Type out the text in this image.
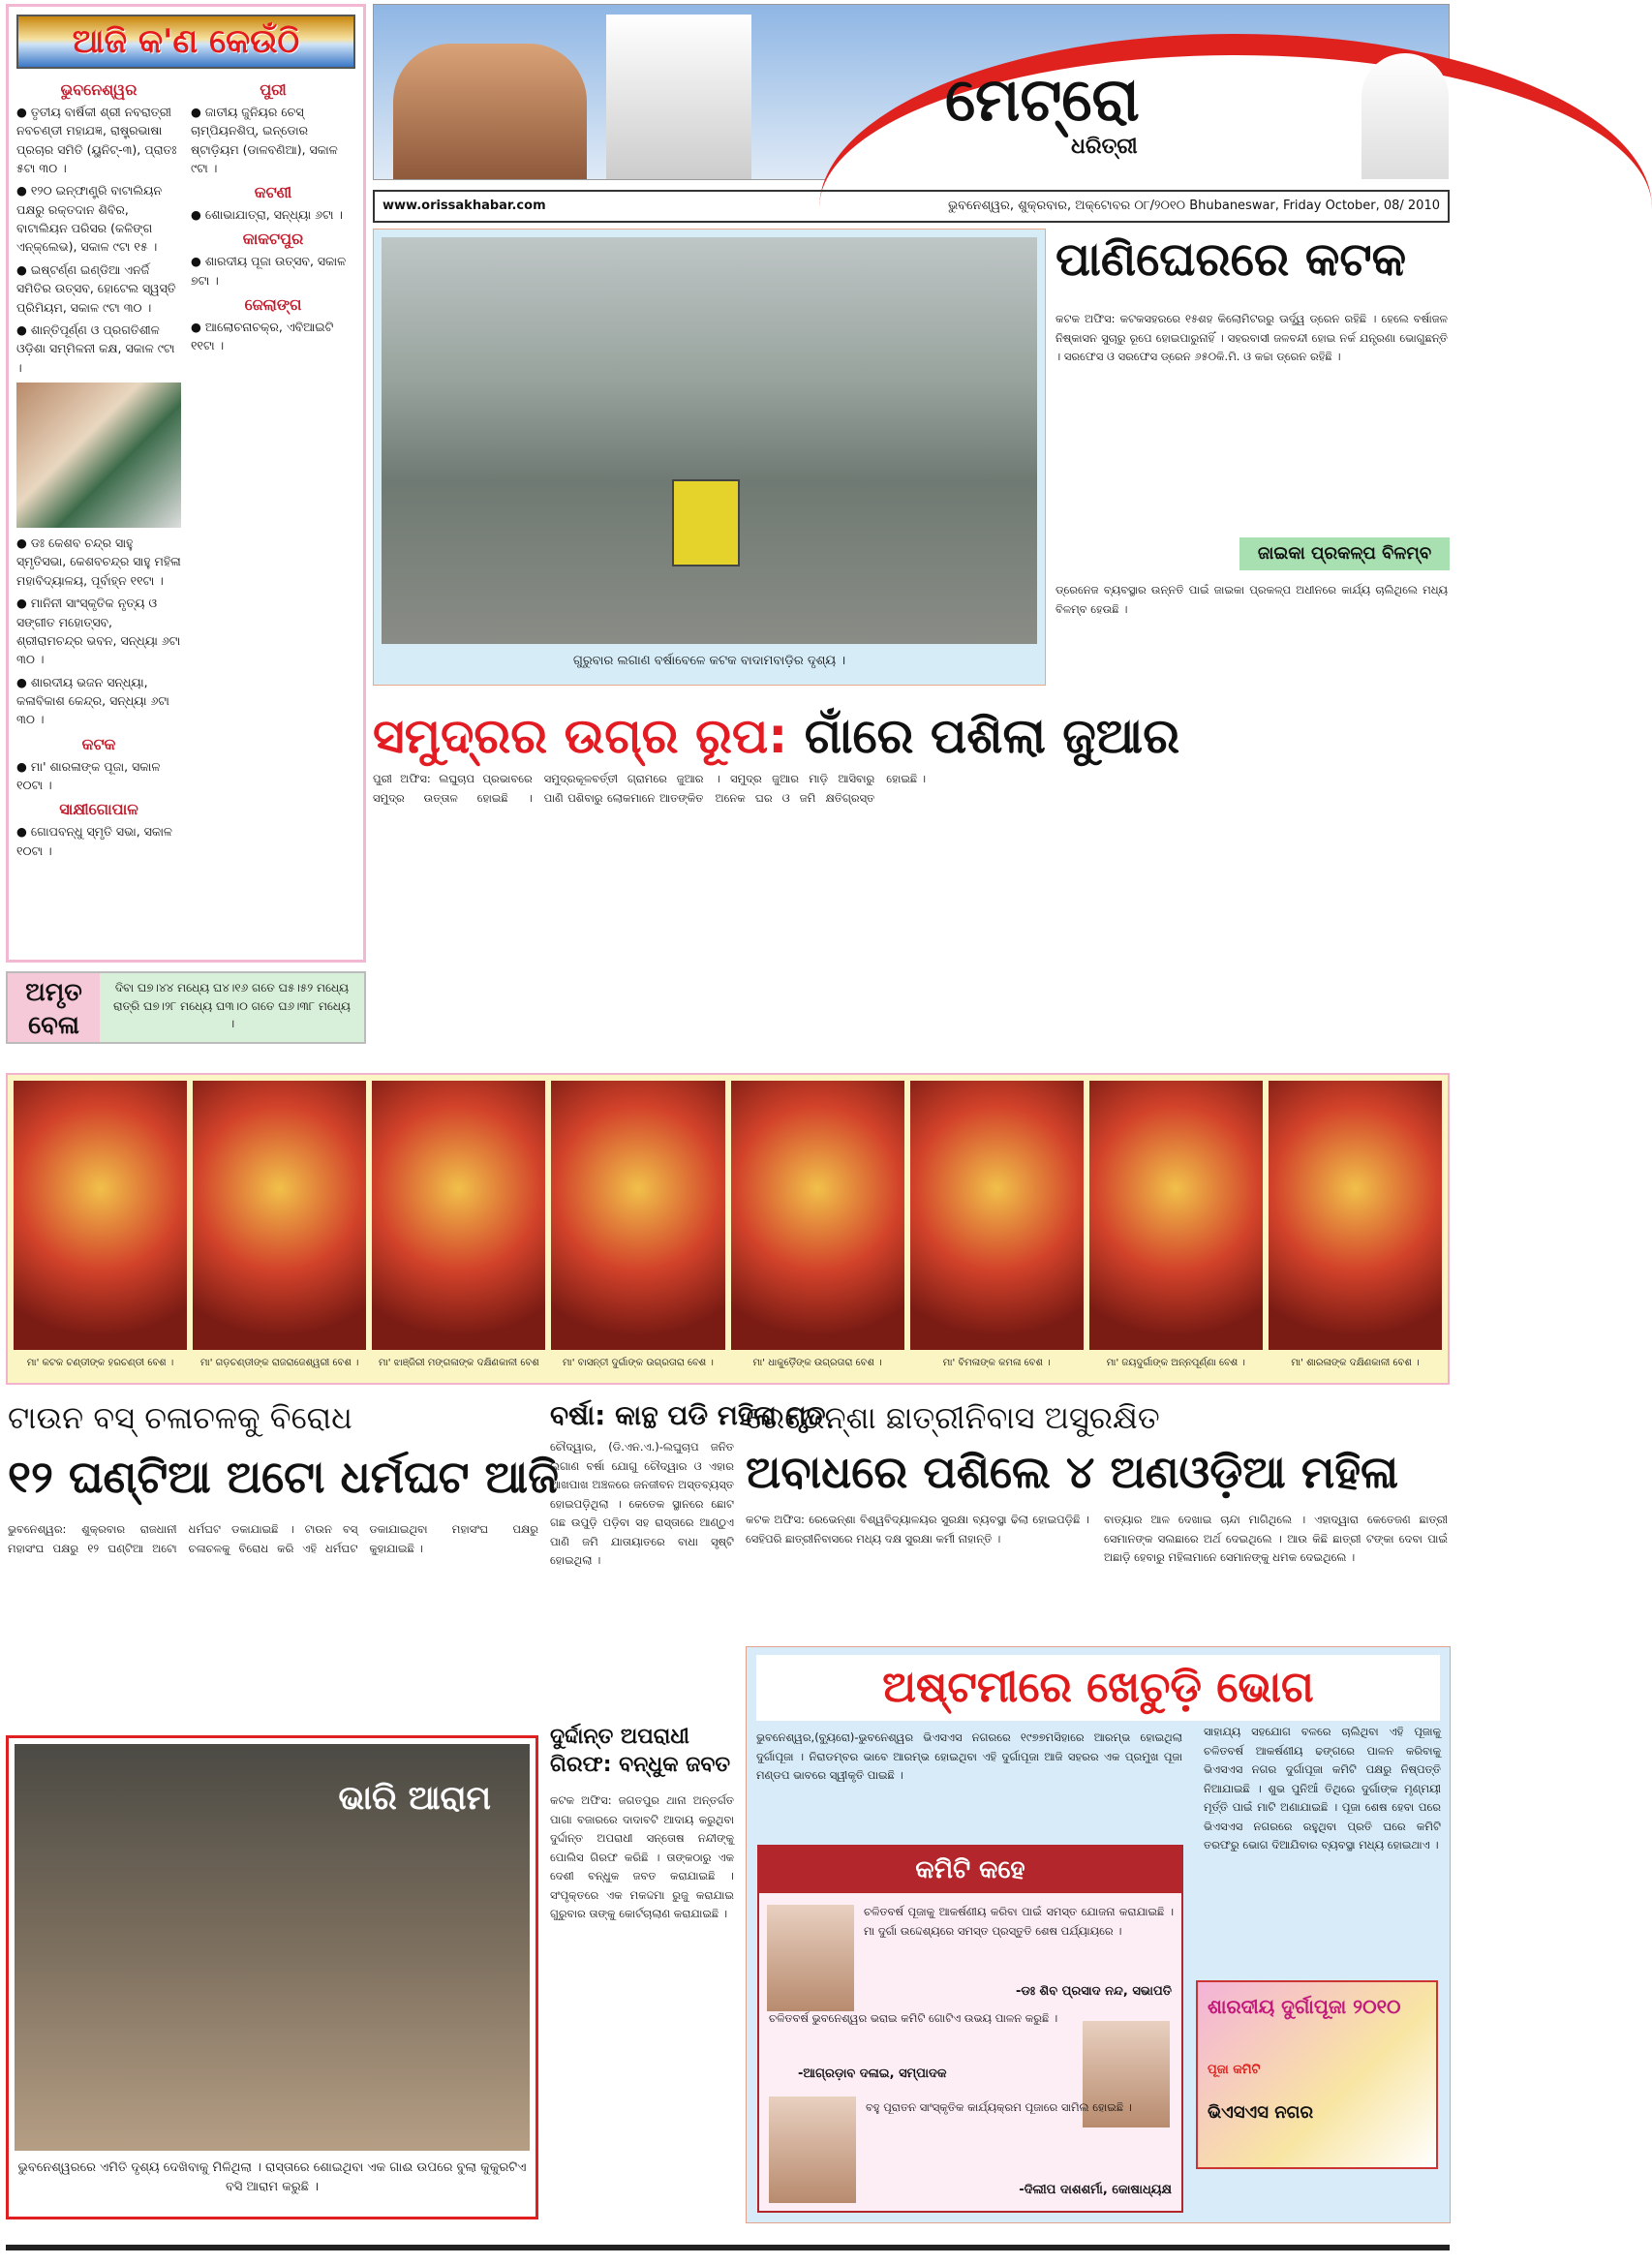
ଆଜି କ'ଣ କେଉଁଠି
ଭୁବନେଶ୍ୱର
● ତୃତୀୟ ବାର୍ଷିକୀ ଶ୍ରୀ ନବରାତ୍ରୀ ନବଚଣ୍ଡୀ ମହାଯଜ୍ଞ, ରାଷ୍ଟ୍ରଭାଷା ପ୍ରଚାର ସମିତି (ୟୁନିଟ୍-୩), ପ୍ରାତଃ ୫ଟା ୩୦ ।
● ୧୨୦ ଇନ୍‌ଫାଣ୍ଟ୍ରି ବାଟାଲିୟନ ପକ୍ଷରୁ ରକ୍ତଦାନ ଶିବିର, ବାଟାଲିୟନ ପରିସର (କଳିଙ୍ଗ ଏନ୍‌କ୍ଲେଭ), ସକାଳ ୯ଟା ୧୫ ।
● ଇଷ୍ଟର୍ଣ୍ଣ ଇଣ୍ଡିଆ ଏନର୍ଜି ସମିତିର ଉତ୍ସବ, ହୋଟେଲ ସ୍ୱସ୍ତି ପ୍ରିମିୟମ, ସକାଳ ୯ଟା ୩୦ ।
● ଶାନ୍ତିପୂର୍ଣ୍ଣ ଓ ପ୍ରଗତିଶୀଳ ଓଡ଼ିଶା ସମ୍ମିଳନୀ କକ୍ଷ, ସକାଳ ୯ଟା ।
● ଡଃ କେଶବ ଚନ୍ଦ୍ର ସାହୁ ସ୍ମୃତିସଭା, କେଶବଚନ୍ଦ୍ର ସାହୁ ମହିଳା ମହାବିଦ୍ୟାଳୟ, ପୂର୍ବାହ୍ନ ୧୧ଟା ।
● ମାନିନୀ ସାଂସ୍କୃତିକ ନୃତ୍ୟ ଓ ସଙ୍ଗୀତ ମହୋତ୍ସବ, ଶ୍ରୀରାମଚନ୍ଦ୍ର ଭବନ, ସନ୍ଧ୍ୟା ୬ଟା ୩୦ ।
● ଶାରଦୀୟ ଭଜନ ସନ୍ଧ୍ୟା, କଳାବିକାଶ କେନ୍ଦ୍ର, ସନ୍ଧ୍ୟା ୬ଟା ୩୦ ।
କଟକ
● ମା' ଶାରଳାଙ୍କ ପୂଜା, ସକାଳ ୧୦ଟା ।
ସାକ୍ଷୀଗୋପାଳ
● ଗୋପବନ୍ଧୁ ସ୍ମୃତି ସଭା, ସକାଳ ୧୦ଟା ।
ପୁରୀ
● ଜାତୀୟ ଜୁନିୟର ଚେସ୍ ଚାମ୍ପିୟନଶିପ୍, ଇନ୍‌ଡୋର ଷ୍ଟାଡ଼ିୟମ (ଡାଳବଣିଆ), ସକାଳ ୯ଟା ।
କଟଣୀ
● ଶୋଭାଯାତ୍ରା, ସନ୍ଧ୍ୟା ୬ଟା ।
କାକଟପୁର
● ଶାରଦୀୟ ପୂଜା ଉତ୍ସବ, ସକାଳ ୭ଟା ।
ଜେଲାଙ୍ଗ
● ଆଲୋଚନାଚକ୍ର, ଏବିଆଇଟି ୧୧ଟା ।
ଅମୃତ ବେଳା
ଦିବା ଘ୭।୪୪ ମଧ୍ୟେ ଘ୪।୧୬ ଗତେ ଘ୫।୫୨ ମଧ୍ୟେ ରାତ୍ରି ଘ୭।୨୮ ମଧ୍ୟେ ଘ୩।୦ ଗତେ ଘ୬।୩୮ ମଧ୍ୟେ ।
ମେଟ୍ରୋ
ଧରିତ୍ରୀ
www.orissakhabar.com	ଭୁବନେଶ୍ୱର, ଶୁକ୍ରବାର, ଅକ୍ଟୋବର ୦୮/୨୦୧୦ Bhubaneswar, Friday October, 08/ 2010
ଗୁରୁବାର ଲଗାଣ ବର୍ଷାବେଳେ କଟକ ବାଦାମବାଡ଼ିର ଦୃଶ୍ୟ ।
ପାଣିଘେରରେ କଟକ
କଟକ ଅଫିସ: କଟକସହରରେ ୧୫ଶହ କିଲୋମିଟରରୁ ଊର୍ଦ୍ଧ୍ୱ ଡ୍ରେନ ରହିଛି । ହେଲେ ବର୍ଷାଜଳ ନିଷ୍କାସନ ସୁଚାରୁ ରୂପେ ହୋଇପାରୁନାହିଁ । ସହରବାସୀ ଜଳବନ୍ଦୀ ହୋଇ ନର୍କ ଯନ୍ତ୍ରଣା ଭୋଗୁଛନ୍ତି । ସରଫେସ ଓ ସରଫେସ ଡ୍ରେନ ୬୫୦କି.ମି. ଓ କଚ୍ଚା ଡ୍ରେନ ରହିଛି ।
ଜାଇକା ପ୍ରକଳ୍ପ ବିଳମ୍ବ
ଡ୍ରେନେଜ ବ୍ୟବସ୍ଥାର ଉନ୍ନତି ପାଇଁ ଜାଇକା ପ୍ରକଳ୍ପ ଅଧୀନରେ କାର୍ଯ୍ୟ ଚାଲିଥିଲେ ମଧ୍ୟ ବିଳମ୍ବ ହେଉଛି ।
ସମୁଦ୍ରର ଉଗ୍ର ରୂପ: ଗାଁରେ ପଶିଲା ଜୁଆର
ପୁରୀ ଅଫିସ: ଲଘୁଚାପ ପ୍ରଭାବରେ ସମୁଦ୍ର ଉତ୍ତାଳ ହୋଇଛି । ସମୁଦ୍ରକୂଳବର୍ତ୍ତୀ ଗ୍ରାମରେ ଜୁଆର ପାଣି ପଶିବାରୁ ଲୋକମାନେ ଆତଙ୍କିତ । ସମୁଦ୍ର ଜୁଆର ମାଡ଼ି ଆସିବାରୁ ଅନେକ ଘର ଓ ଜମି କ୍ଷତିଗ୍ରସ୍ତ ହୋଇଛି ।
ମା' କଟକ ଚଣ୍ଡୀଙ୍କ ହରଚଣ୍ଡୀ ବେଶ ।	ମା' ଗଡ଼ଚଣ୍ଡୀଙ୍କ ରାଜରାଜେଶ୍ୱରୀ ବେଶ ।	ମା' ଝାଞ୍ଜିରୀ ମଙ୍ଗଳାଙ୍କ ଦକ୍ଷିଣକାଳୀ ବେଶ	ମା' ବାସନ୍ତୀ ଦୁର୍ଗାଙ୍କ ଉଗ୍ରତାରା ବେଶ ।	ମା' ଧାକୁଡ଼ୈଙ୍କ ଉଗ୍ରତାରା ବେଶ ।	ମା' ବିମଳାଙ୍କ କମଳା ବେଶ ।	ମା' ଜୟଦୁର୍ଗାଙ୍କ ଅନ୍ନପୂର୍ଣ୍ଣା ବେଶ ।	ମା' ଶାରଳାଙ୍କ ଦକ୍ଷିଣକାଳୀ ବେଶ ।
ଟାଉନ ବସ୍ ଚଳାଚଳକୁ ବିରୋଧ
୧୨ ଘଣ୍ଟିଆ ଅଟୋ ଧର୍ମଘଟ ଆଜି
ଭୁବନେଶ୍ୱର: ଶୁକ୍ରବାର ରାଜଧାନୀ ମହାସଂଘ ପକ୍ଷରୁ ୧୨ ଘଣ୍ଟିଆ ଅଟୋ ଧର୍ମଘଟ ଡକାଯାଇଛି । ଟାଉନ ବସ୍ ଚଳାଚଳକୁ ବିରୋଧ କରି ଏହି ଧର୍ମଘଟ ଡକାଯାଇଥିବା ମହାସଂଘ ପକ୍ଷରୁ କୁହାଯାଇଛି ।
ଭାରି ଆରାମ
ଭୁବନେଶ୍ୱରରେ ଏମିତି ଦୃଶ୍ୟ ଦେଖିବାକୁ ମିଳିଥିଲା । ରାସ୍ତାରେ ଶୋଇଥିବା ଏକ ଗାଈ ଉପରେ ବୁଲା କୁକୁରଟିଏ ବସି ଆରାମ କରୁଛି ।
ବର୍ଷା: କାନ୍ଥ ପଡି ମହିଳା ମୃତ
ଚୌଦ୍ୱାର, (ଡି.ଏନ.ଏ.)-ଲଘୁଚାପ ଜନିତ ଲଗାଣ ବର୍ଷା ଯୋଗୁ ଚୌଦ୍ୱାର ଓ ଏହାର ଆଖପାଖ ଅଞ୍ଚଳରେ ଜନଜୀବନ ଅସ୍ତବ୍ୟସ୍ତ ହୋଇପଡ଼ିଥିଲା । କେତେକ ସ୍ଥାନରେ ଛୋଟ ଗଛ ଉପୁଡ଼ି ପଡ଼ିବା ସହ ରାସ୍ତାରେ ଆଣ୍ଠୁଏ ପାଣି ଜମି ଯାତାୟାତରେ ବାଧା ସୃଷ୍ଟି ହୋଇଥିଲା ।
ଦୁର୍ଦ୍ଦାନ୍ତ ଅପରାଧୀ ଗିରଫ: ବନ୍ଧୁକ ଜବତ
କଟକ ଅଫିସ: ଜଗତପୁର ଥାନା ଅନ୍ତର୍ଗତ ପାଗା ବଜାରରେ ଦାଦାବଟି ଆଦାୟ କରୁଥିବା ଦୁର୍ଦ୍ଦାନ୍ତ ଅପରାଧୀ ସନ୍ତୋଷ ନନ୍ଦୀଙ୍କୁ ପୋଲିସ ଗିରଫ କରିଛି । ତାଙ୍କଠାରୁ ଏକ ଦେଶୀ ବନ୍ଧୁକ ଜବତ କରାଯାଇଛି । ସଂପୃକ୍ତରେ ଏକ ମକଦ୍ଦମା ରୁଜୁ କରାଯାଇ ଗୁରୁବାର ତାଙ୍କୁ କୋର୍ଟଚାଲାଣ କରାଯାଇଛି ।
ରେଭେନ୍‌ଶା ଛାତ୍ରୀନିବାସ ଅସୁରକ୍ଷିତ
ଅବାଧରେ ପଶିଲେ ୪ ଅଣଓଡ଼ିଆ ମହିଳା
କଟକ ଅଫିସ: ରେଭେନ୍‌ଶା ବିଶ୍ୱବିଦ୍ୟାଳୟର ସୁରକ୍ଷା ବ୍ୟବସ୍ଥା ଢିଲା ହୋଇପଡ଼ିଛି । ସେହିପରି ଛାତ୍ରୀନିବାସରେ ମଧ୍ୟ ଦକ୍ଷ ସୁରକ୍ଷା କର୍ମୀ ନାହାନ୍ତି ।
ବାତ୍ୟାର ଆଳ ଦେଖାଇ ଚାନ୍ଦା ମାଗିଥିଲେ । ଏହାଦ୍ୱାରା କେତେଜଣ ଛାତ୍ରୀ ସେମାନଙ୍କ ସଲଛାରେ ଅର୍ଥ ଦେଇଥିଲେ । ଆଉ କିଛି ଛାତ୍ରୀ ଟଙ୍କା ଦେବା ପାଇଁ ଅଛାଡ଼ି ହେବାରୁ ମହିଳାମାନେ ସେମାନଙ୍କୁ ଧମକ ଦେଇଥିଲେ ।
ଅଷ୍ଟମୀରେ ଖେଚୁଡ଼ି ଭୋଗ
ଭୁବନେଶ୍ୱର,(ବ୍ୟୁରୋ)-ଭୁବନେଶ୍ୱର ଭିଏସଏସ ନଗରରେ ୧୯୭୭ମସିହାରେ ଆରମ୍ଭ ହୋଇଥିଲା ଦୁର୍ଗାପୂଜା । ନିରାଡମ୍ବର ଭାବେ ଆରମ୍ଭ ହୋଇଥିବା ଏହି ଦୁର୍ଗାପୂଜା ଆଜି ସହରର ଏକ ପ୍ରମୁଖ ପୂଜା ମଣ୍ଡପ ଭାବରେ ସ୍ୱୀକୃତି ପାଇଛି ।
ସାହାଯ୍ୟ ସହଯୋଗ ବଳରେ ଚାଲିଥିବା ଏହି ପୂଜାକୁ ଚଳିତବର୍ଷ ଆକର୍ଷଣୀୟ ଢଙ୍ଗରେ ପାଳନ କରିବାକୁ ଭିଏସଏସ ନଗର ଦୁର୍ଗାପୂଜା କମିଟି ପକ୍ଷରୁ ନିଷ୍ପତ୍ତି ନିଆଯାଇଛି । ଶୁଭ ପୁନିଆଁ ତିଥିରେ ଦୁର୍ଗାଙ୍କ ମୃଣ୍ମୟୀ ମୂର୍ତ୍ତି ପାଇଁ ମାଟି ଅଣାଯାଇଛି । ପୂଜା ଶେଷ ହେବା ପରେ ଭିଏସଏସ ନଗରରେ ରହୁଥିବା ପ୍ରତି ଘରେ କମିଟି ତରଫରୁ ଭୋଗ ଦିଆଯିବାର ବ୍ୟବସ୍ଥା ମଧ୍ୟ ହୋଇଥାଏ ।
କମିଟି କହେ
ଚଳିତବର୍ଷ ପୂଜାକୁ ଆକର୍ଷଣୀୟ କରିବା ପାଇଁ ସମସ୍ତ ଯୋଜନା କରାଯାଇଛି । ମା ଦୁର୍ଗା ଉଦ୍ଦେଶ୍ୟରେ ସମସ୍ତ ପ୍ରସ୍ତୁତି ଶେଷ ପର୍ଯ୍ୟାୟରେ ।
-ଡଃ ଶିବ ପ୍ରସାଦ ନନ୍ଦ, ସଭାପତି
ଚଳିତବର୍ଷ ଭୁବନେଶ୍ୱର ଭରାଇ କମିଟି ଗୋଟିଏ ଉଭୟ ପାଳନ କରୁଛି ।
-ଆଗ୍ରଡ଼ାବ ଦଳାଇ, ସମ୍ପାଦକ
ବହୁ ପୂରାତନ ସାଂସ୍କୃତିକ କାର୍ଯ୍ୟକ୍ରମ ପୂଜାରେ ସାମିଲ ହୋଇଛି ।
-ଦିଲୀପ ଦାଶଶର୍ମା, କୋଷାଧ୍ୟକ୍ଷ
ଶାରଦୀୟ ଦୁର୍ଗାପୂଜା ୨୦୧୦
ପୂଜା କମିଟି
ଭିଏସଏସ ନଗର
